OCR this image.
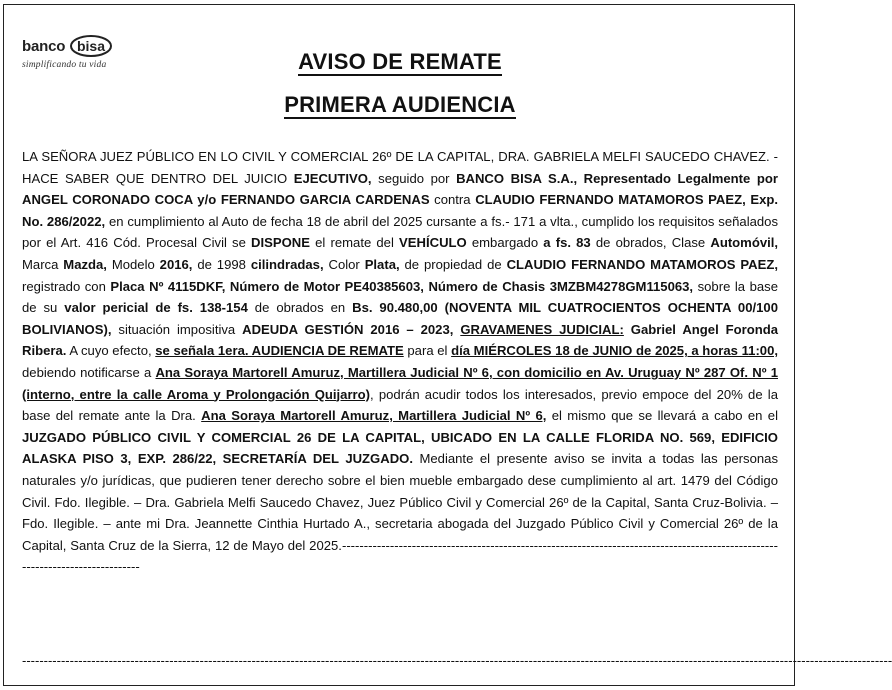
banco bisa
simplificando tu vida	AVISO DE REMATE
PRIMERA AUDIENCIA
LA SEÑORA JUEZ PÚBLICO EN LO CIVIL Y COMERCIAL 26º DE LA CAPITAL, DRA. GABRIELA MELFI SAUCEDO CHAVEZ. - HACE SABER QUE DENTRO DEL JUICIO EJECUTIVO, seguido por BANCO BISA S.A., Representado Legalmente por ANGEL CORONADO COCA y/o FERNANDO GARCIA CARDENAS contra CLAUDIO FERNANDO MATAMOROS PAEZ, Exp. No. 286/2022, en cumplimiento al Auto de fecha 18 de abril del 2025 cursante a fs.- 171 a vlta., cumplido los requisitos señalados por el Art. 416 Cód. Procesal Civil se DISPONE el remate del VEHÍCULO embargado a fs. 83 de obrados, Clase Automóvil, Marca Mazda, Modelo 2016, de 1998 cilindradas, Color Plata, de propiedad de CLAUDIO FERNANDO MATAMOROS PAEZ, registrado con Placa Nº 4115DKF, Número de Motor PE40385603, Número de Chasis 3MZBM4278GM115063, sobre la base de su valor pericial de fs. 138-154 de obrados en Bs. 90.480,00 (NOVENTA MIL CUATROCIENTOS OCHENTA 00/100 BOLIVIANOS), situación impositiva ADEUDA GESTIÓN 2016 – 2023, GRAVAMENES JUDICIAL: Gabriel Angel Foronda Ribera. A cuyo efecto, se señala 1era. AUDIENCIA DE REMATE para el día MIÉRCOLES 18 de JUNIO de 2025, a horas 11:00, debiendo notificarse a Ana Soraya Martorell Amuruz, Martillera Judicial Nº 6, con domicilio en Av. Uruguay Nº 287 Of. Nº 1 (interno, entre la calle Aroma y Prolongación Quijarro), podrán acudir todos los interesados, previo empoce del 20% de la base del remate ante la Dra. Ana Soraya Martorell Amuruz, Martillera Judicial Nº 6, el mismo que se llevará a cabo en el JUZGADO PÚBLICO CIVIL Y COMERCIAL 26 DE LA CAPITAL, UBICADO EN LA CALLE FLORIDA NO. 569, EDIFICIO ALASKA PISO 3, EXP. 286/22, SECRETARÍA DEL JUZGADO. Mediante el presente aviso se invita a todas las personas naturales y/o jurídicas, que pudieren tener derecho sobre el bien mueble embargado dese cumplimiento al art. 1479 del Código Civil. Fdo. Ilegible. – Dra. Gabriela Melfi Saucedo Chavez, Juez Público Civil y Comercial 26º de la Capital, Santa Cruz-Bolivia. – Fdo. Ilegible. – ante mi Dra. Jeannette Cinthia Hurtado A., secretaria abogada del Juzgado Público Civil y Comercial 26º de la Capital, Santa Cruz de la Sierra, 12 de Mayo del 2025.-------------------------------------------------------------------------------------------------------------------------------
---------------------------------------------------------------------------------------------------------------------------------------------------------------------------------------------------------
